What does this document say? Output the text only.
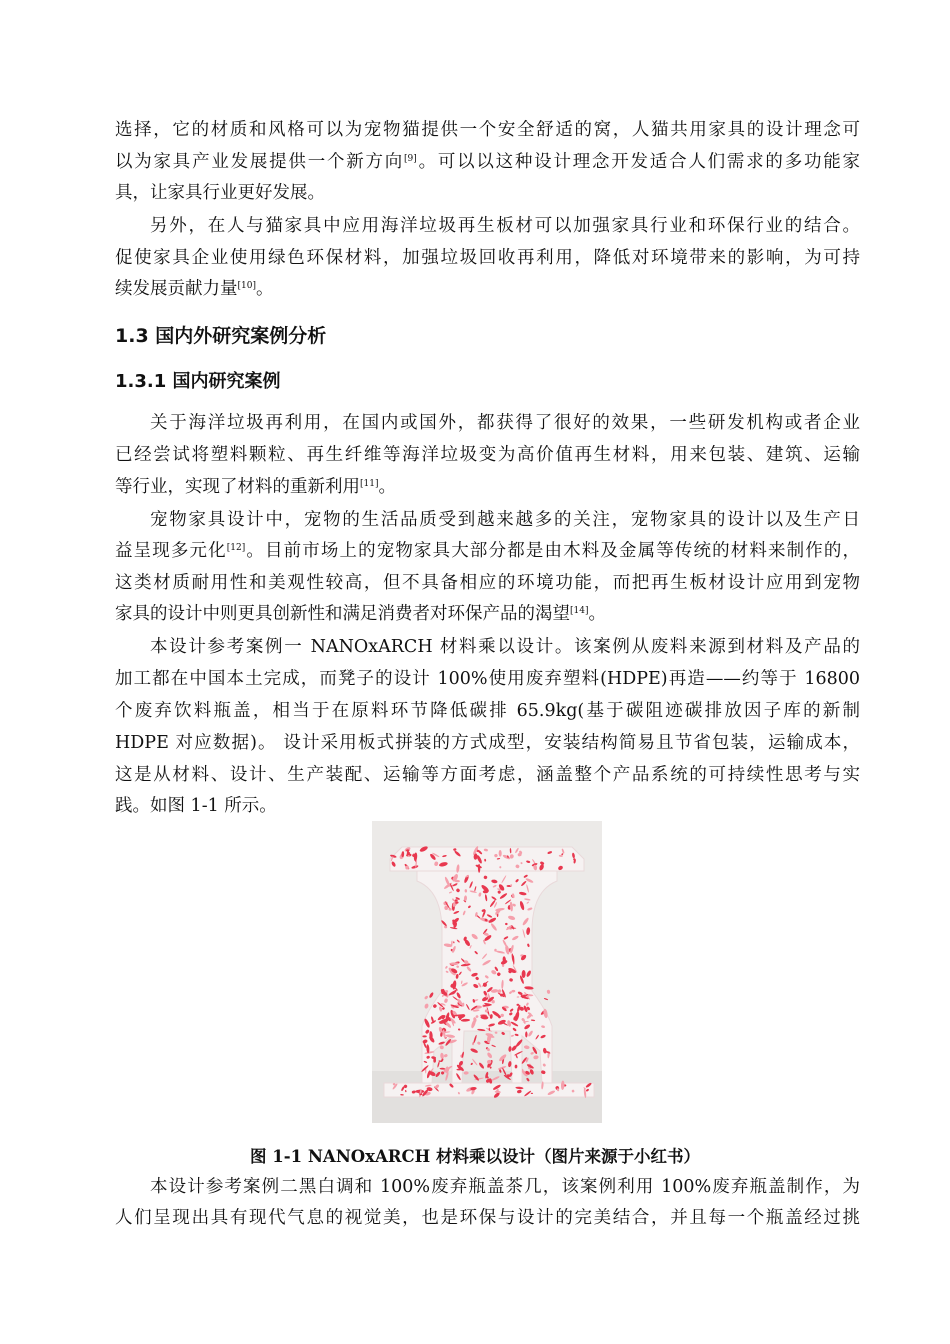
选择，它的材质和风格可以为宠物猫提供一个安全舒适的窝，人猫共用家具的设计理念可
以为家具产业发展提供一个新方向[9]。可以以这种设计理念开发适合人们需求的多功能家
具，让家具行业更好发展。
另外，在人与猫家具中应用海洋垃圾再生板材可以加强家具行业和环保行业的结合。
促使家具企业使用绿色环保材料，加强垃圾回收再利用，降低对环境带来的影响，为可持
续发展贡献力量[10]。
1.3 国内外研究案例分析
1.3.1 国内研究案例
关于海洋垃圾再利用，在国内或国外，都获得了很好的效果，一些研发机构或者企业
已经尝试将塑料颗粒、再生纤维等海洋垃圾变为高价值再生材料，用来包装、建筑、运输
等行业，实现了材料的重新利用[11]。
宠物家具设计中，宠物的生活品质受到越来越多的关注，宠物家具的设计以及生产日
益呈现多元化[12]。目前市场上的宠物家具大部分都是由木料及金属等传统的材料来制作的，
这类材质耐用性和美观性较高，但不具备相应的环境功能，而把再生板材设计应用到宠物
家具的设计中则更具创新性和满足消费者对环保产品的渴望[14]。
本设计参考案例一 NANOxARCH 材料乘以设计。该案例从废料来源到材料及产品的
加工都在中国本土完成，而凳子的设计 100%使用废弃塑料(HDPE)再造——约等于 16800
个废弃饮料瓶盖，相当于在原料环节降低碳排 65.9kg(基于碳阻迹碳排放因子库的新制
HDPE 对应数据)。 设计采用板式拼装的方式成型，安装结构简易且节省包装，运输成本，
这是从材料、设计、生产装配、运输等方面考虑，涵盖整个产品系统的可持续性思考与实
践。如图 1-1 所示。
图 1-1 NANOxARCH 材料乘以设计（图片来源于小红书）
本设计参考案例二黑白调和 100%废弃瓶盖茶几，该案例利用 100%废弃瓶盖制作，为
人们呈现出具有现代气息的视觉美，也是环保与设计的完美结合，并且每一个瓶盖经过挑
